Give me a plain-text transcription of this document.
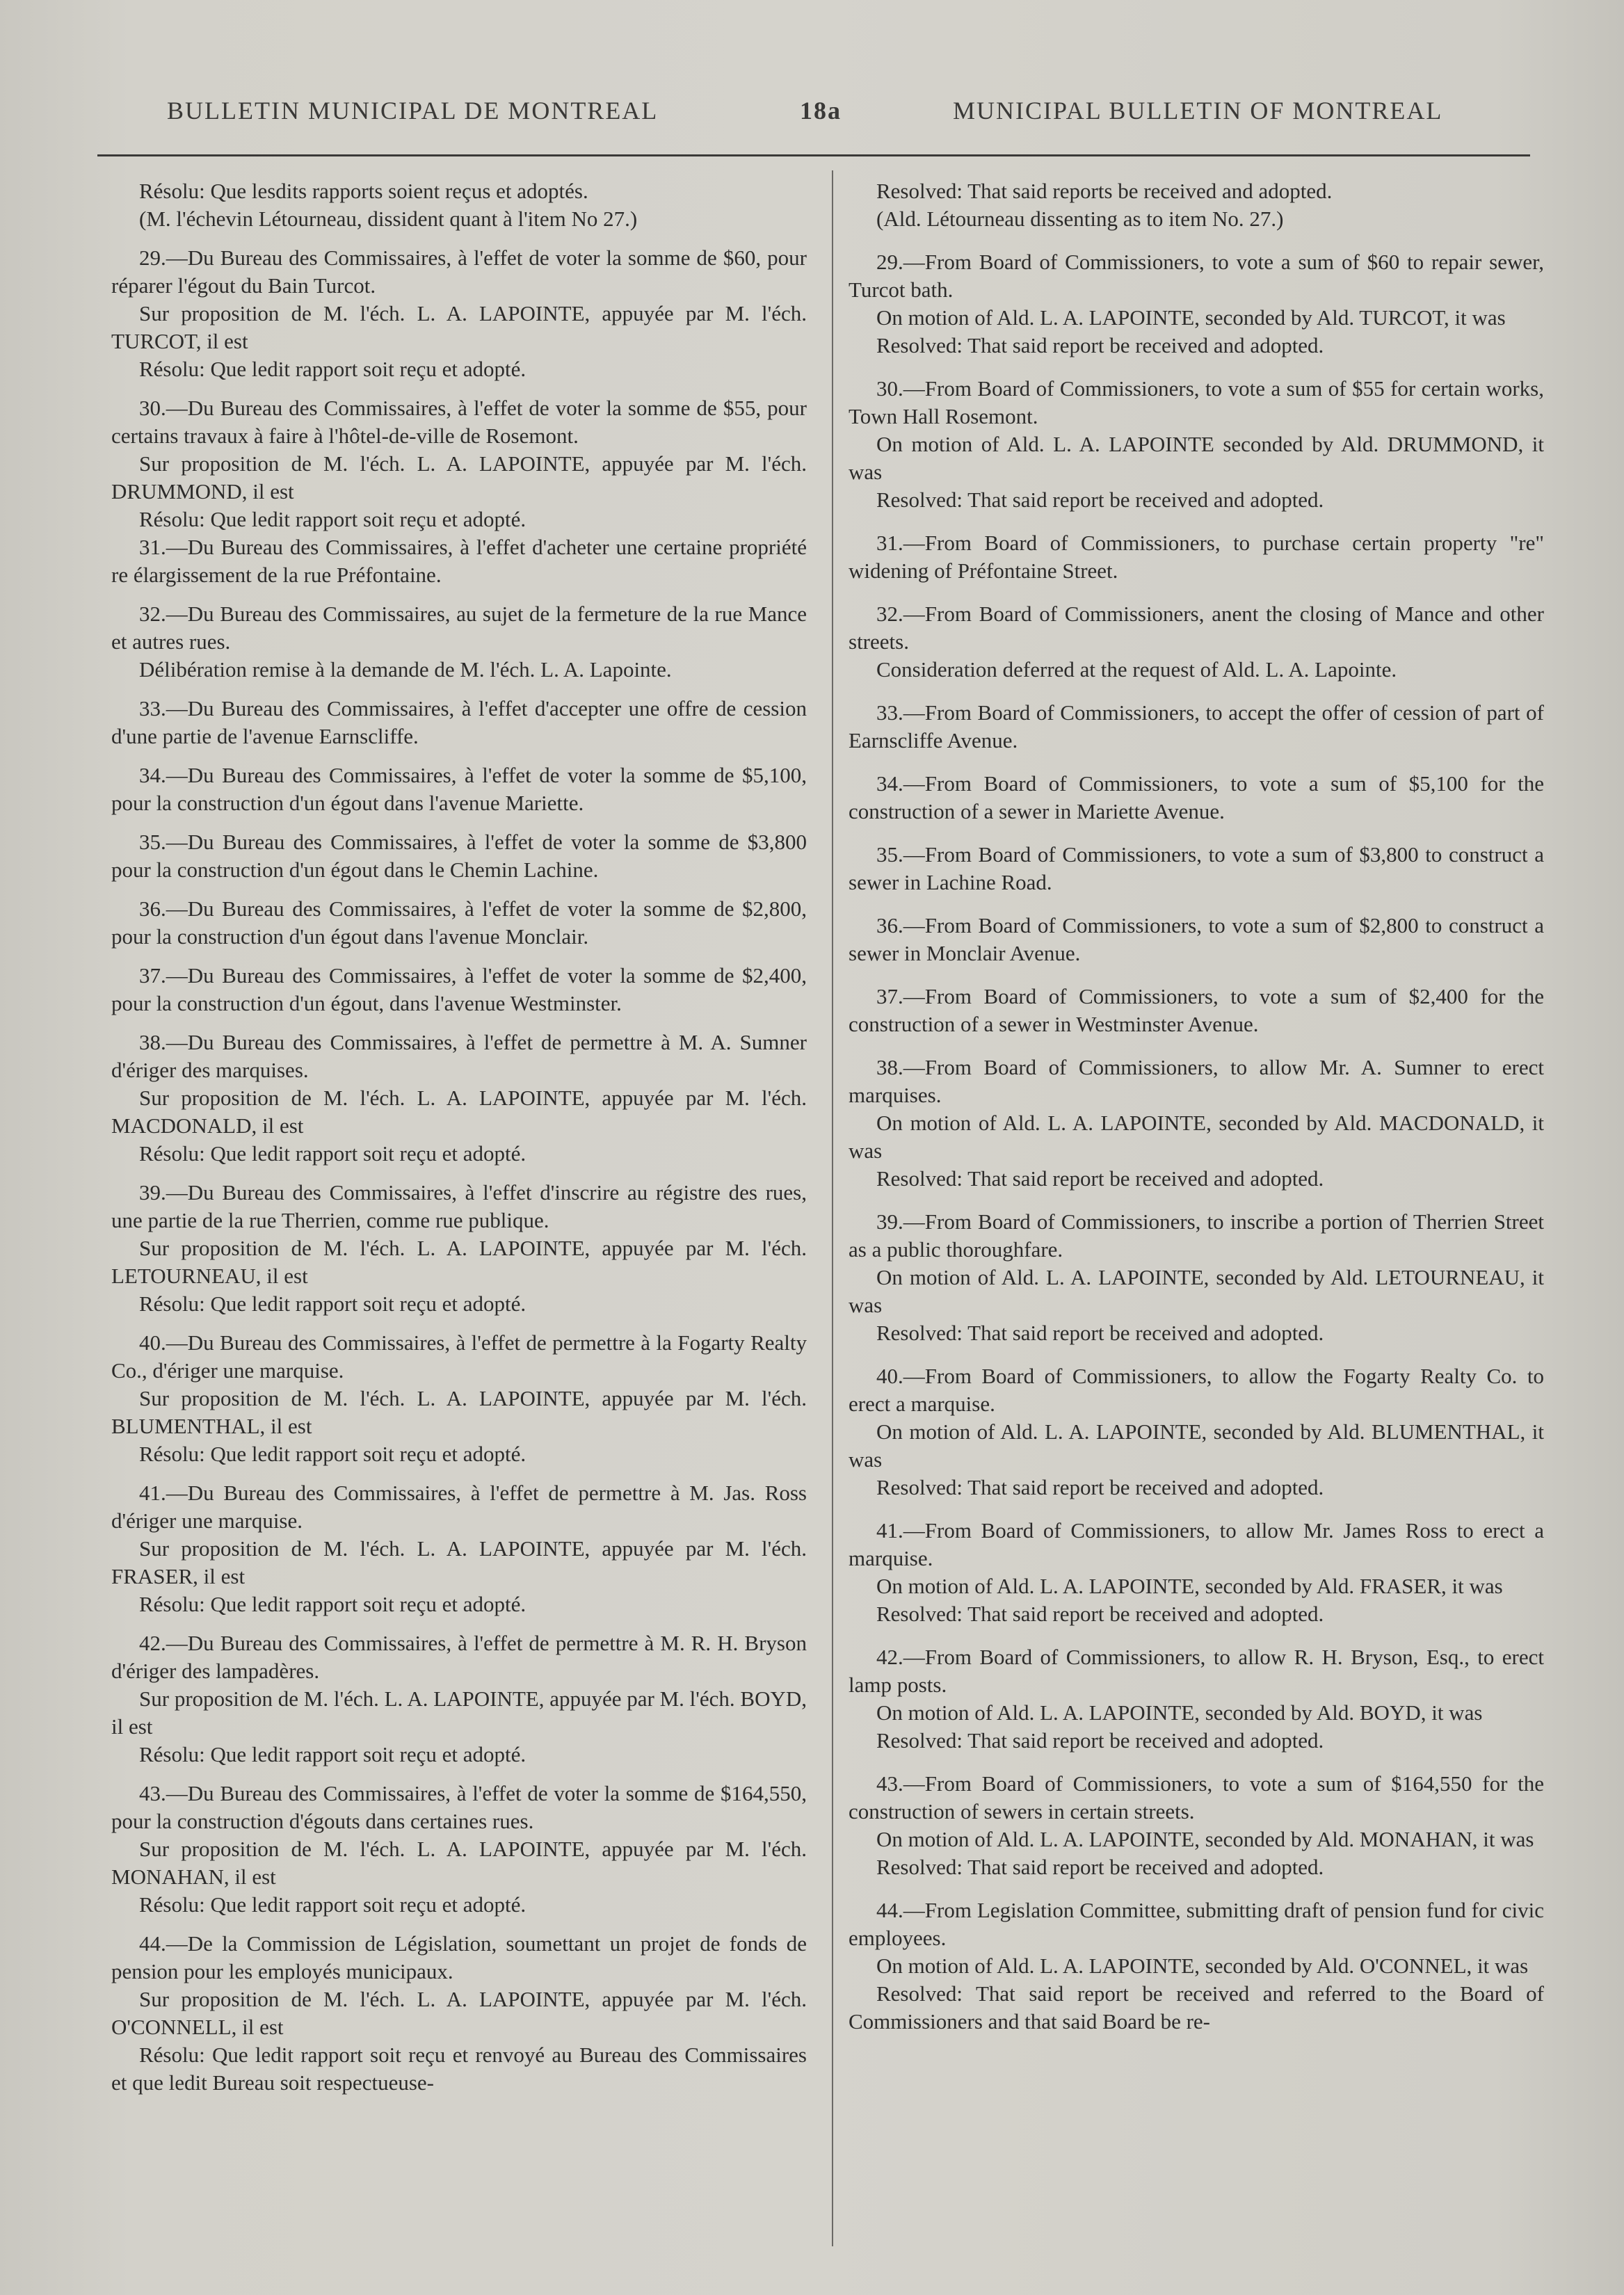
BULLETIN MUNICIPAL DE MONTREAL	18a	MUNICIPAL BULLETIN OF MONTREAL

Résolu: Que lesdits rapports soient reçus et adoptés.

(M. l'échevin Létourneau, dissident quant à l'item No 27.)

29.—Du Bureau des Commissaires, à l'effet de voter la somme de $60, pour réparer l'égout du Bain Turcot.

Sur proposition de M. l'éch. L. A. LAPOINTE, appuyée par M. l'éch. TURCOT, il est

Résolu: Que ledit rapport soit reçu et adopté.

30.—Du Bureau des Commissaires, à l'effet de voter la somme de $55, pour certains travaux à faire à l'hôtel-de-ville de Rosemont.

Sur proposition de M. l'éch. L. A. LAPOINTE, appuyée par M. l'éch. DRUMMOND, il est

Résolu: Que ledit rapport soit reçu et adopté.

31.—Du Bureau des Commissaires, à l'effet d'acheter une certaine propriété re élargissement de la rue Préfontaine.

32.—Du Bureau des Commissaires, au sujet de la fermeture de la rue Mance et autres rues.

Délibération remise à la demande de M. l'éch. L. A. Lapointe.

33.—Du Bureau des Commissaires, à l'effet d'accepter une offre de cession d'une partie de l'avenue Earnscliffe.

34.—Du Bureau des Commissaires, à l'effet de voter la somme de $5,100, pour la construction d'un égout dans l'avenue Mariette.

35.—Du Bureau des Commissaires, à l'effet de voter la somme de $3,800 pour la construction d'un égout dans le Chemin Lachine.

36.—Du Bureau des Commissaires, à l'effet de voter la somme de $2,800, pour la construction d'un égout dans l'avenue Monclair.

37.—Du Bureau des Commissaires, à l'effet de voter la somme de $2,400, pour la construction d'un égout, dans l'avenue Westminster.

38.—Du Bureau des Commissaires, à l'effet de permettre à M. A. Sumner d'ériger des marquises.

Sur proposition de M. l'éch. L. A. LAPOINTE, appuyée par M. l'éch. MACDONALD, il est

Résolu: Que ledit rapport soit reçu et adopté.

39.—Du Bureau des Commissaires, à l'effet d'inscrire au régistre des rues, une partie de la rue Therrien, comme rue publique.

Sur proposition de M. l'éch. L. A. LAPOINTE, appuyée par M. l'éch. LETOURNEAU, il est

Résolu: Que ledit rapport soit reçu et adopté.

40.—Du Bureau des Commissaires, à l'effet de permettre à la Fogarty Realty Co., d'ériger une marquise.

Sur proposition de M. l'éch. L. A. LAPOINTE, appuyée par M. l'éch. BLUMENTHAL, il est

Résolu: Que ledit rapport soit reçu et adopté.

41.—Du Bureau des Commissaires, à l'effet de permettre à M. Jas. Ross d'ériger une marquise.

Sur proposition de M. l'éch. L. A. LAPOINTE, appuyée par M. l'éch. FRASER, il est

Résolu: Que ledit rapport soit reçu et adopté.

42.—Du Bureau des Commissaires, à l'effet de permettre à M. R. H. Bryson d'ériger des lampadères.

Sur proposition de M. l'éch. L. A. LAPOINTE, appuyée par M. l'éch. BOYD, il est

Résolu: Que ledit rapport soit reçu et adopté.

43.—Du Bureau des Commissaires, à l'effet de voter la somme de $164,550, pour la construction d'égouts dans certaines rues.

Sur proposition de M. l'éch. L. A. LAPOINTE, appuyée par M. l'éch. MONAHAN, il est

Résolu: Que ledit rapport soit reçu et adopté.

44.—De la Commission de Législation, soumettant un projet de fonds de pension pour les employés municipaux.

Sur proposition de M. l'éch. L. A. LAPOINTE, appuyée par M. l'éch. O'CONNELL, il est

Résolu: Que ledit rapport soit reçu et renvoyé au Bureau des Commissaires et que ledit Bureau soit respectueuse-

Resolved: That said reports be received and adopted.

(Ald. Létourneau dissenting as to item No. 27.)

29.—From Board of Commissioners, to vote a sum of $60 to repair sewer, Turcot bath.

On motion of Ald. L. A. LAPOINTE, seconded by Ald. TURCOT, it was

Resolved: That said report be received and adopted.

30.—From Board of Commissioners, to vote a sum of $55 for certain works, Town Hall Rosemont.

On motion of Ald. L. A. LAPOINTE seconded by Ald. DRUMMOND, it was

Resolved: That said report be received and adopted.

31.—From Board of Commissioners, to purchase certain property "re" widening of Préfontaine Street.

32.—From Board of Commissioners, anent the closing of Mance and other streets.

Consideration deferred at the request of Ald. L. A. Lapointe.

33.—From Board of Commissioners, to accept the offer of cession of part of Earnscliffe Avenue.

34.—From Board of Commissioners, to vote a sum of $5,100 for the construction of a sewer in Mariette Avenue.

35.—From Board of Commissioners, to vote a sum of $3,800 to construct a sewer in Lachine Road.

36.—From Board of Commissioners, to vote a sum of $2,800 to construct a sewer in Monclair Avenue.

37.—From Board of Commissioners, to vote a sum of $2,400 for the construction of a sewer in Westminster Avenue.

38.—From Board of Commissioners, to allow Mr. A. Sumner to erect marquises.

On motion of Ald. L. A. LAPOINTE, seconded by Ald. MACDONALD, it was

Resolved: That said report be received and adopted.

39.—From Board of Commissioners, to inscribe a portion of Therrien Street as a public thoroughfare.

On motion of Ald. L. A. LAPOINTE, seconded by Ald. LETOURNEAU, it was

Resolved: That said report be received and adopted.

40.—From Board of Commissioners, to allow the Fogarty Realty Co. to erect a marquise.

On motion of Ald. L. A. LAPOINTE, seconded by Ald. BLUMENTHAL, it was

Resolved: That said report be received and adopted.

41.—From Board of Commissioners, to allow Mr. James Ross to erect a marquise.

On motion of Ald. L. A. LAPOINTE, seconded by Ald. FRASER, it was

Resolved: That said report be received and adopted.

42.—From Board of Commissioners, to allow R. H. Bryson, Esq., to erect lamp posts.

On motion of Ald. L. A. LAPOINTE, seconded by Ald. BOYD, it was

Resolved: That said report be received and adopted.

43.—From Board of Commissioners, to vote a sum of $164,550 for the construction of sewers in certain streets.

On motion of Ald. L. A. LAPOINTE, seconded by Ald. MONAHAN, it was

Resolved: That said report be received and adopted.

44.—From Legislation Committee, submitting draft of pension fund for civic employees.

On motion of Ald. L. A. LAPOINTE, seconded by Ald. O'CONNEL, it was

Resolved: That said report be received and referred to the Board of Commissioners and that said Board be re-
